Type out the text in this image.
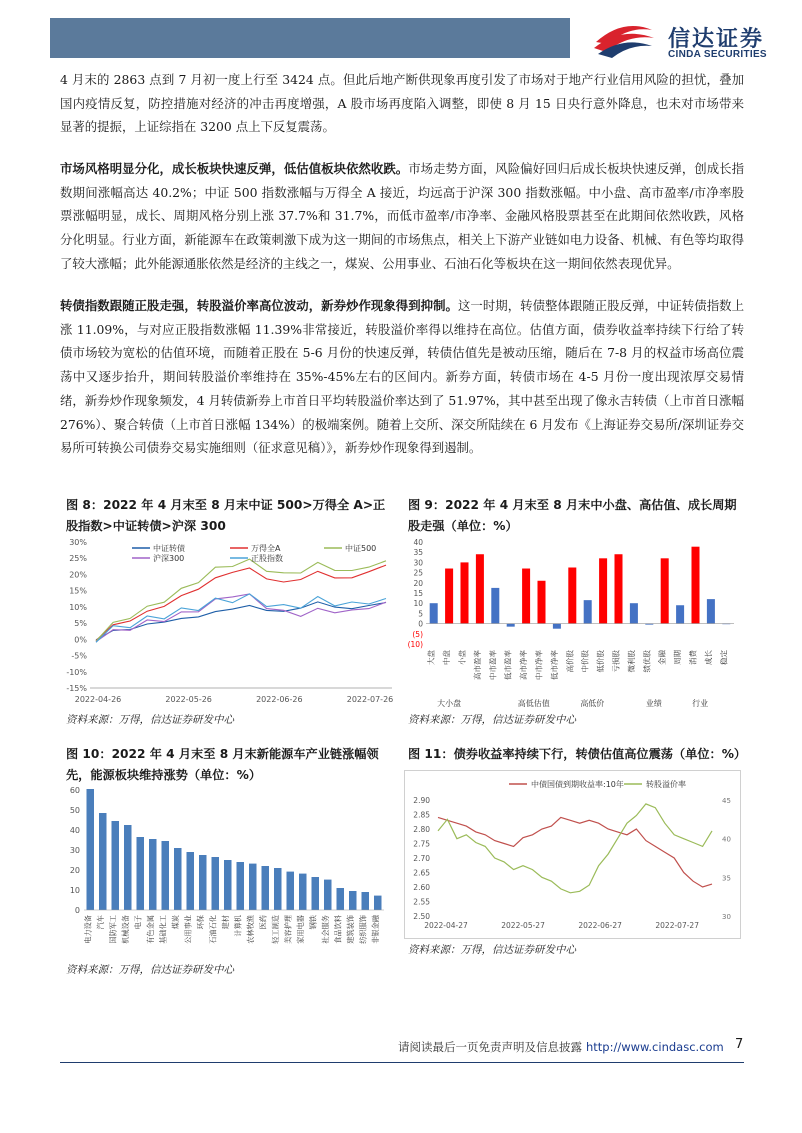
信达证券
CINDA SECURITIES
4 月末的 2863 点到 7 月初一度上行至 3424 点。但此后地产断供现象再度引发了市场对于地产行业信用风险的担忧，叠加国内疫情反复，防控措施对经济的冲击再度增强，A 股市场再度陷入调整，即使 8 月 15 日央行意外降息，也未对市场带来显著的提振，上证综指在 3200 点上下反复震荡。
市场风格明显分化，成长板块快速反弹，低估值板块依然收跌。市场走势方面，风险偏好回归后成长板块快速反弹，创成长指数期间涨幅高达 40.2%；中证 500 指数涨幅与万得全 A 接近，均远高于沪深 300 指数涨幅。中小盘、高市盈率/市净率股票涨幅明显，成长、周期风格分别上涨 37.7%和 31.7%，而低市盈率/市净率、金融风格股票甚至在此期间依然收跌，风格分化明显。行业方面，新能源车在政策刺激下成为这一期间的市场焦点，相关上下游产业链如电力设备、机械、有色等均取得了较大涨幅；此外能源通胀依然是经济的主线之一，煤炭、公用事业、石油石化等板块在这一期间依然表现优异。
转债指数跟随正股走强，转股溢价率高位波动，新券炒作现象得到抑制。这一时期，转债整体跟随正股反弹，中证转债指数上涨 11.09%，与对应正股指数涨幅 11.39%非常接近，转股溢价率得以维持在高位。估值方面，债券收益率持续下行给了转债市场较为宽松的估值环境，而随着正股在 5-6 月份的快速反弹，转债估值先是被动压缩，随后在 7-8 月的权益市场高位震荡中又逐步抬升，期间转股溢价率维持在 35%-45%左右的区间内。新券方面，转债市场在 4-5 月份一度出现浓厚交易情绪，新券炒作现象频发，4 月转债新券上市首日平均转股溢价率达到了 51.97%，其中甚至出现了像永吉转债（上市首日涨幅 276%）、聚合转债（上市首日涨幅 134%）的极端案例。随着上交所、深交所陆续在 6 月发布《上海证券交易所/深圳证券交易所可转换公司债券交易实施细则（征求意见稿）》，新券炒作现象得到遏制。
图 8：2022 年 4 月末至 8 月末中证 500>万得全 A>正股指数>中证转债>沪深 300
-15%
-10%
-5%
0%
5%
10%
15%
20%
25%
30%
2022-04-26	2022-05-26	2022-06-26	2022-07-26
中证转债	万得全A	中证500
沪深300	正股指数
资料来源：万得，信达证券研发中心
图 9：2022 年 4 月末至 8 月末中小盘、高估值、成长周期股走强（单位：%）
40
35
30
25
20
15
10
5
0
(5)
(10)
大盘 中盘 小盘 高市盈率 中市盈率 低市盈率 高市净率 中市净率 低市净率 高价股 中价股 低价股 亏损股 微利股 绩优股 金融 周期 消费 成长 稳定
大小盘	高低估值	高低价	业绩	行业
资料来源：万得，信达证券研发中心
图 10：2022 年 4 月末至 8 月末新能源车产业链涨幅领先，能源板块维持涨势（单位：%）
0
10
20
30
40
50
60
电力设备 汽车 国防军工 机械设备 电子 有色金属 基础化工 煤炭 公用事业 环保 石油石化 建材 计算机 农林牧渔 医药 轻工制造 美容护理 家用电器 钢铁 社会服务 食品饮料 建筑装饰 纺织服饰 非银金融
资料来源：万得，信达证券研发中心
图 11：债券收益率持续下行，转债估值高位震荡（单位：%）
2.50
2.55
2.60
2.65
2.70
2.75
2.80
2.85
2.90
30
35
40
45
2022-04-27	2022-05-27	2022-06-27	2022-07-27
中债国债到期收益率:10年	转股溢价率
资料来源：万得，信达证券研发中心
请阅读最后一页免责声明及信息披露 http://www.cindasc.com 7
